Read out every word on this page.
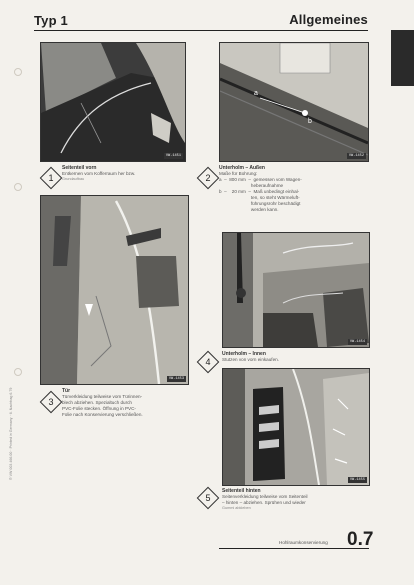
Typ 1	Allgemeines
VW-1451
1
Seitenteil vorn
Entkernen vom Kofferraum her bzw.
Grundaufbau
VW-1453
3
Tür
Türverkleidung teilweise vom Türinnen-
blech abziehen. Spezialtuch durch
PVC-Folie stecken. Öffnung in PVC-
Folie nach Konservierung verschließen.
a
b
VW-1452
2
Unterholm – Außen
Maße für Bohrung:
a  –  800 mm  –  gemessen vom Wagen-
heberaufnahme
b  –    20 mm  –  Maß unbedingt einhal-
ten, so steht Wärmeluft-
führungsrohr beschädigt
werden kann.
VW-1454
4
Unterholm – Innen
Stutzen von vorn einkaufen.
VW-1455
5
Seitenteil hinten
Seitenverkleidung teilweise vom Seitenteil
– hinten – abziehen. Sprühen und wieder
Gummi abkleben
® VW 003 466.00 · Printed in Germany · 6. Nachtrag 6.79
Hohlraumkonservierung 0.7
